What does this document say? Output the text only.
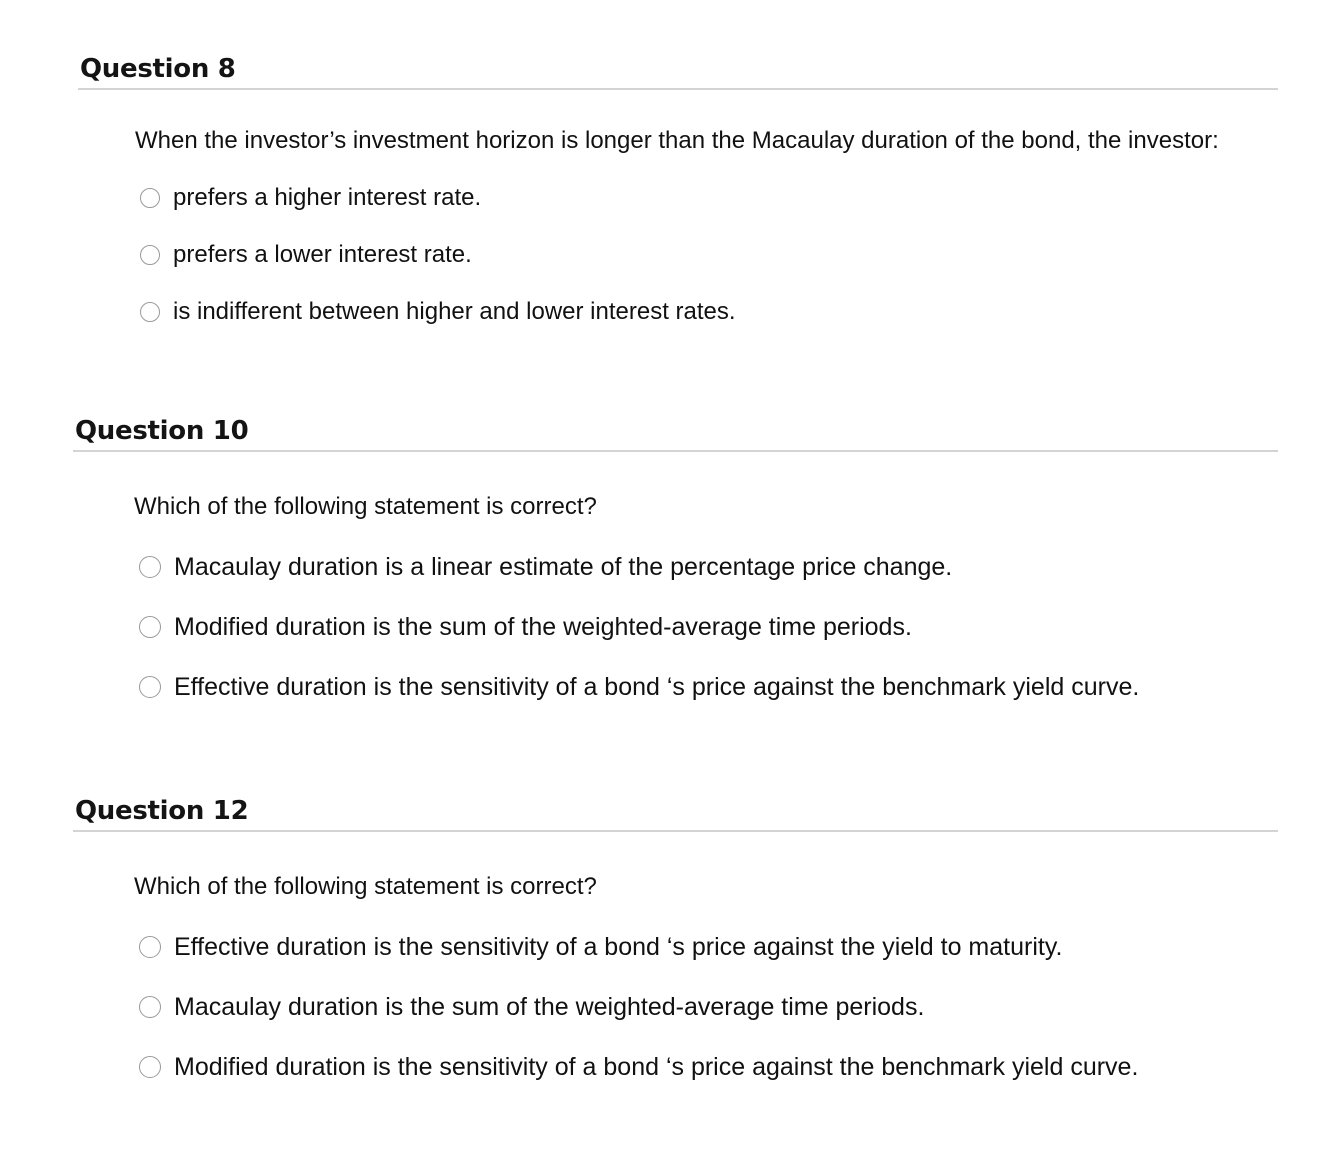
Question 8
When the investor’s investment horizon is longer than the Macaulay duration of the bond, the investor:
prefers a higher interest rate.
prefers a lower interest rate.
is indifferent between higher and lower interest rates.
Question 10
Which of the following statement is correct?
Macaulay duration is a linear estimate of the percentage price change.
Modified duration is the sum of the weighted-average time periods.
Effective duration is the sensitivity of a bond ‘s price against the benchmark yield curve.
Question 12
Which of the following statement is correct?
Effective duration is the sensitivity of a bond ‘s price against the yield to maturity.
Macaulay duration is the sum of the weighted-average time periods.
Modified duration is the sensitivity of a bond ‘s price against the benchmark yield curve.
